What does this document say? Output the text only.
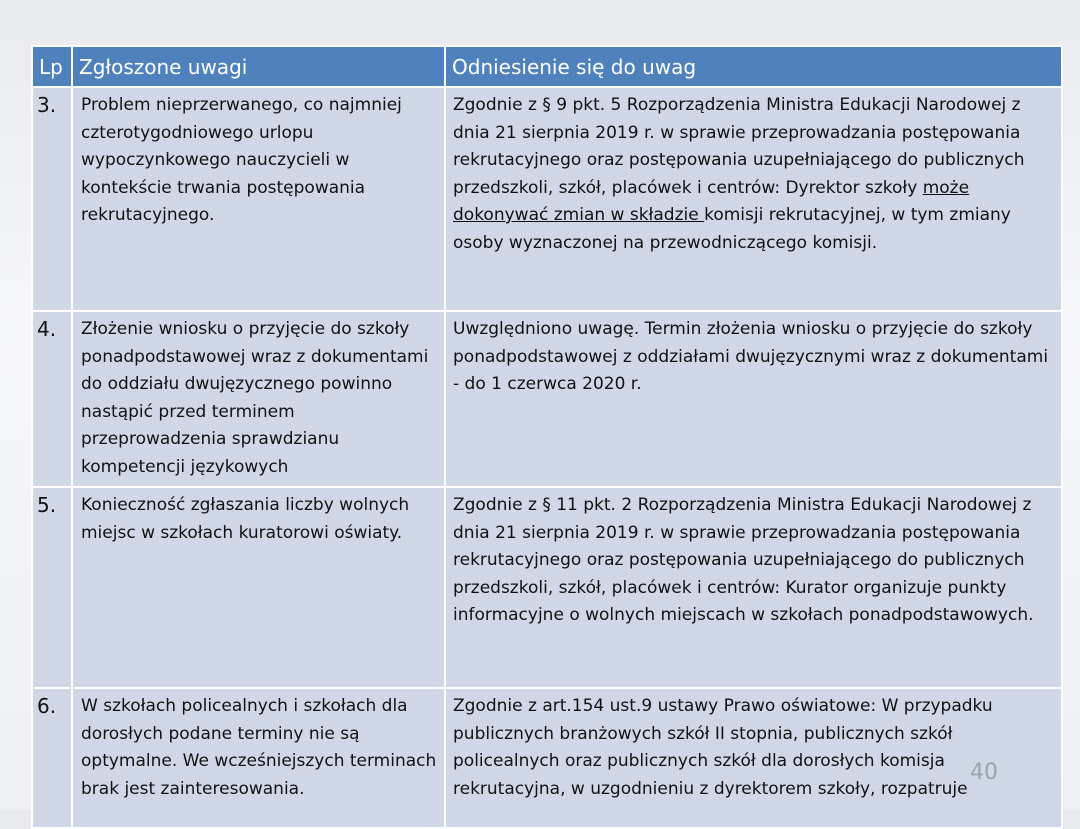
Lp	Zgłoszone uwagi	Odniesienie się do uwag
3.	Problem nieprzerwanego, co najmniej czterotygodniowego urlopu wypoczynkowego nauczycieli w kontekście trwania postępowania rekrutacyjnego.	Zgodnie z § 9 pkt. 5 Rozporządzenia Ministra Edukacji Narodowej z dnia 21 sierpnia 2019 r. w sprawie przeprowadzania postępowania rekrutacyjnego oraz postępowania uzupełniającego do publicznych przedszkoli, szkół, placówek i centrów: Dyrektor szkoły może dokonywać zmian w składzie komisji rekrutacyjnej, w tym zmiany osoby wyznaczonej na przewodniczącego komisji.
4.	Złożenie wniosku o przyjęcie do szkoły ponadpodstawowej wraz z dokumentami do oddziału dwujęzycznego powinno nastąpić przed terminem przeprowadzenia sprawdzianu kompetencji językowych	Uwzględniono uwagę. Termin złożenia wniosku o przyjęcie do szkoły ponadpodstawowej z oddziałami dwujęzycznymi wraz z dokumentami - do 1 czerwca 2020 r.
5.	Konieczność zgłaszania liczby wolnych miejsc w szkołach kuratorowi oświaty.	Zgodnie z § 11 pkt. 2 Rozporządzenia Ministra Edukacji Narodowej z dnia 21 sierpnia 2019 r. w sprawie przeprowadzania postępowania rekrutacyjnego oraz postępowania uzupełniającego do publicznych przedszkoli, szkół, placówek i centrów: Kurator organizuje punkty informacyjne o wolnych miejscach w szkołach ponadpodstawowych.
6.	W szkołach policealnych i szkołach dla dorosłych podane terminy nie są optymalne. We wcześniejszych terminach brak jest zainteresowania.	Zgodnie z art.154 ust.9 ustawy Prawo oświatowe: W przypadku publicznych branżowych szkół II stopnia, publicznych szkół policealnych oraz publicznych szkół dla dorosłych komisja rekrutacyjna, w uzgodnieniu z dyrektorem szkoły, rozpatruje
40
